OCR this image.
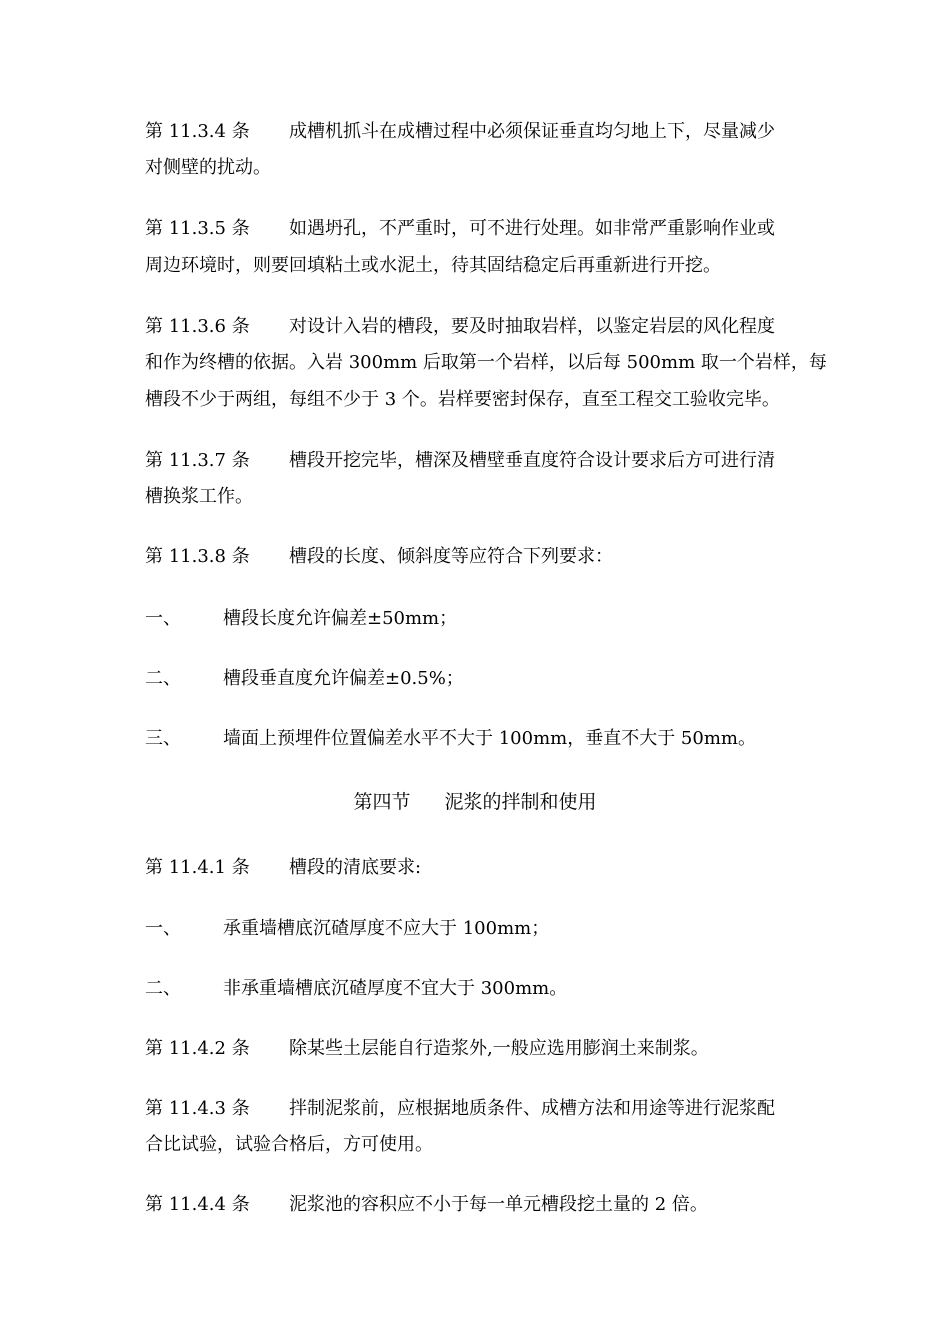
第 11.3.4 条 成槽机抓斗在成槽过程中必须保证垂直均匀地上下，尽量减少
对侧壁的扰动。
第 11.3.5 条 如遇坍孔，不严重时，可不进行处理。如非常严重影响作业或
周边环境时，则要回填粘土或水泥土，待其固结稳定后再重新进行开挖。
第 11.3.6 条 对设计入岩的槽段，要及时抽取岩样，以鉴定岩层的风化程度
和作为终槽的依据。入岩 300mm 后取第一个岩样，以后每 500mm 取一个岩样，每
槽段不少于两组，每组不少于 3 个。岩样要密封保存，直至工程交工验收完毕。
第 11.3.7 条 槽段开挖完毕，槽深及槽壁垂直度符合设计要求后方可进行清
槽换浆工作。
第 11.3.8 条 槽段的长度、倾斜度等应符合下列要求：
一、 槽段长度允许偏差±50mm；
二、 槽段垂直度允许偏差±0.5%；
三、 墙面上预埋件位置偏差水平不大于 100mm，垂直不大于 50mm。
第四节 泥浆的拌制和使用
第 11.4.1 条 槽段的清底要求:
一、 承重墙槽底沉碴厚度不应大于 100mm；
二、 非承重墙槽底沉碴厚度不宜大于 300mm。
第 11.4.2 条 除某些土层能自行造浆外,一般应选用膨润土来制浆。
第 11.4.3 条 拌制泥浆前，应根据地质条件、成槽方法和用途等进行泥浆配
合比试验，试验合格后，方可使用。
第 11.4.4 条 泥浆池的容积应不小于每一单元槽段挖土量的 2 倍。
